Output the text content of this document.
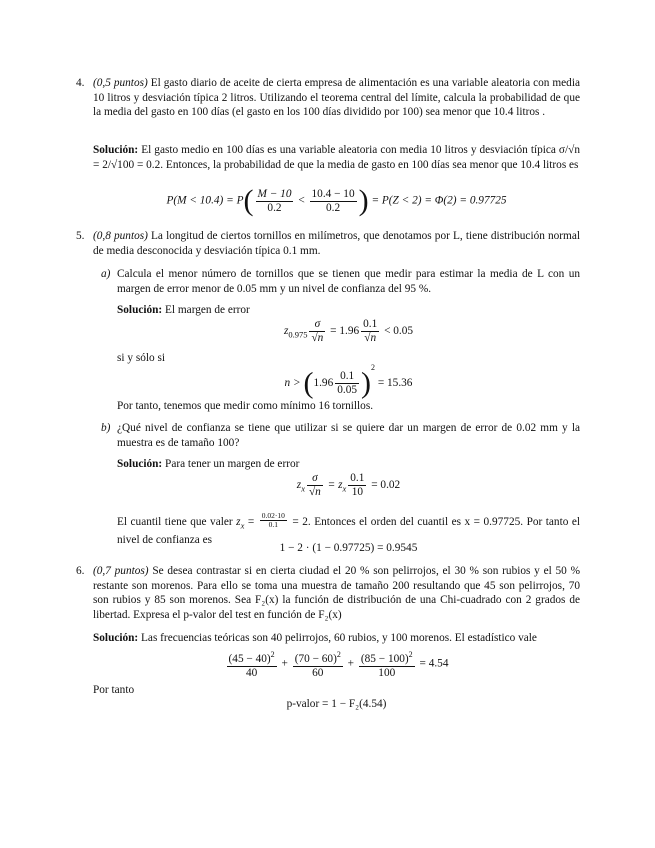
4. (0,5 puntos) El gasto diario de aceite de cierta empresa de alimentación es una variable aleatoria con media 10 litros y desviación típica 2 litros. Utilizando el teorema central del límite, calcula la probabilidad de que la media del gasto en 100 días (el gasto en los 100 días dividido por 100) sea menor que 10.4 litros .
Solución: El gasto medio en 100 días es una variable aleatoria con media 10 litros y desviación típica σ/√n = 2/√100 = 0.2. Entonces, la probabilidad de que la media de gasto en 100 días sea menor que 10.4 litros es
$P(M < 10.4) = P( \frac{M - 10}{0.2} < \frac{10.4 - 10}{0.2}$ ) = P(Z < 2) = Φ(2) = 0.97725
5. (0,8 puntos) La longitud de ciertos tornillos en milímetros, que denotamos por L, tiene distribución normal de media desconocida y desviación típica 0.1 mm.
a) Calcula el menor número de tornillos que se tienen que medir para estimar la media de L con un margen de error menor de 0.05 mm y un nivel de confianza del 95 %.
Solución: El margen de error
$z_{0.975} \frac{\sigma}{√n} = 1.96 \frac{0.1}{√n} < 0.05$
si y sólo si
$n > (1.96 \frac{0.1}{0.05} )^2 = 15.36$
Por tanto, tenemos que medir como mínimo 16 tornillos.
b) ¿Qué nivel de confianza se tiene que utilizar si se quiere dar un margen de error de 0.02 mm y la muestra es de tamaño 100?
Solución: Para tener un margen de error
$z_x \frac{\sigma}{√n} = z_x \frac{0.1}{10} = 0.02$
El cuantil tiene que valer $z_x = \frac{0.02\cdot 10}{0.1} = 2$. Entonces el orden del cuantil es x = 0.97725. Por tanto el nivel de confianza es
1 − 2 · (1 − 0.97725) = 0.9545
6. (0,7 puntos) Se desea contrastar si en cierta ciudad el 20 % son pelirrojos, el 30 % son rubios y el 50 % restante son morenos. Para ello se toma una muestra de tamaño 200 resultando que 45 son pelirrojos, 70 son rubios y 85 son morenos. Sea F₂(x) la función de distribución de una Chi-cuadrado con 2 grados de libertad. Expresa el p-valor del test en función de F₂(x)
Solución: Las frecuencias teóricas son 40 pelirrojos, 60 rubios, y 100 morenos. El estadístico vale
$\frac{(45 - 40)^2}{40} + \frac{(70 - 60)^2}{60} + \frac{(85 - 100)^2}{100} = 4.54$
Por tanto
p-valor = 1 − F₂(4.54)
